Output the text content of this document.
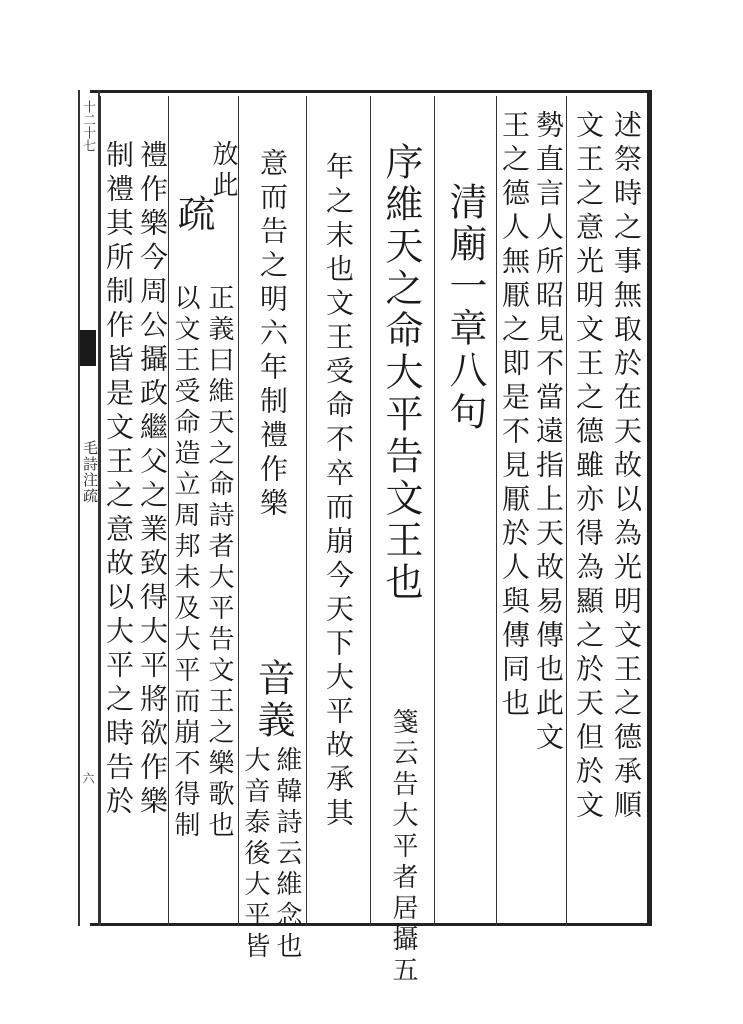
十二十七
毛詩注疏
六	述祭時之事無取於在天故以為光明文王之德承順
文王之意光明文王之德雖亦得為顯之於天但於文
勢直言人所昭見不當遠指上天故易傳也此文
王之德人無厭之即是不見厭於人與傳同也
清廟一章八句
序維天之命大平告文王也
箋云告大平者居攝五
年之末也文王受命不卒而崩今天下大平故承其
意而告之明六年制禮作樂
音義
維韓詩云維念也
大音泰後大平皆
放此
疏
正義曰維天之命詩者大平告文王之樂歌也
以文王受命造立周邦未及大平而崩不得制
禮作樂今周公攝政繼父之業致得大平將欲作樂
制禮其所制作皆是文王之意故以大平之時告於
